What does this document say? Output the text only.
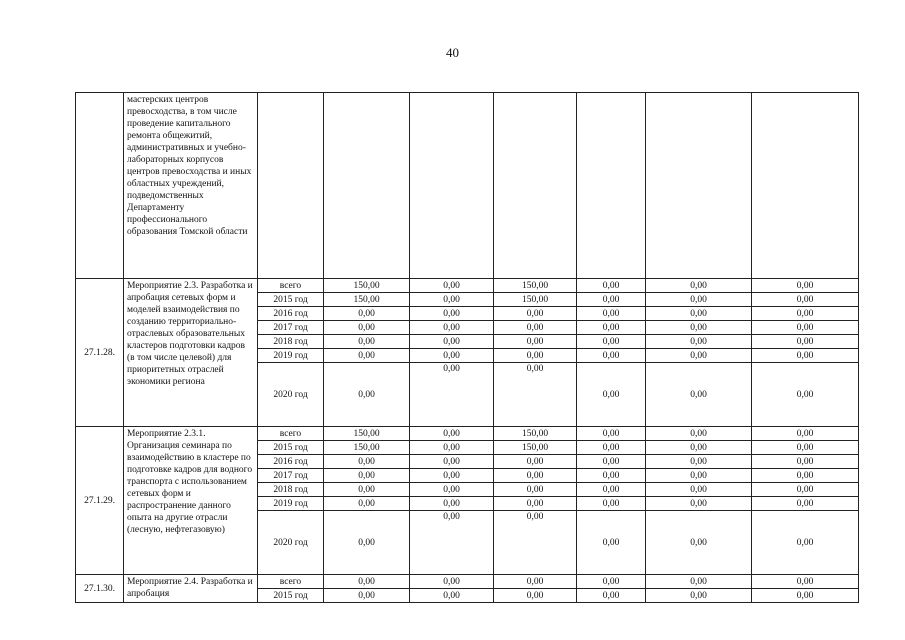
40
	мастерских центров превосходства, в том числе проведение капитального ремонта общежитий, административных и учебно-лабораторных корпусов центров превосходства и иных областных учреждений, подведомственных Департаменту профессионального образования Томской области							
27.1.28.	Мероприятие 2.3. Разработка и апробация сетевых форм и моделей взаимодействия по созданию территориально-отраслевых образовательных кластеров подготовки кадров (в том числе целевой) для приоритетных отраслей экономики региона	всего	150,00	0,00	150,00	0,00	0,00	0,00
		2015 год	150,00	0,00	150,00	0,00	0,00	0,00
		2016 год	0,00	0,00	0,00	0,00	0,00	0,00
		2017 год	0,00	0,00	0,00	0,00	0,00	0,00
		2018 год	0,00	0,00	0,00	0,00	0,00	0,00
		2019 год	0,00	0,00	0,00	0,00	0,00	0,00
		2020 год	0,00	0,00	0,00	0,00	0,00	0,00
27.1.29.	Мероприятие 2.3.1. Организация семинара по взаимодействию в кластере по подготовке кадров для водного транспорта с использованием сетевых форм и распространение данного опыта на другие отрасли (лесную, нефтегазовую)	всего	150,00	0,00	150,00	0,00	0,00	0,00
		2015 год	150,00	0,00	150,00	0,00	0,00	0,00
		2016 год	0,00	0,00	0,00	0,00	0,00	0,00
		2017 год	0,00	0,00	0,00	0,00	0,00	0,00
		2018 год	0,00	0,00	0,00	0,00	0,00	0,00
		2019 год	0,00	0,00	0,00	0,00	0,00	0,00
		2020 год	0,00	0,00	0,00	0,00	0,00	0,00
27.1.30.	Мероприятие 2.4. Разработка и апробация	всего	0,00	0,00	0,00	0,00	0,00	0,00
		2015 год	0,00	0,00	0,00	0,00	0,00	0,00
